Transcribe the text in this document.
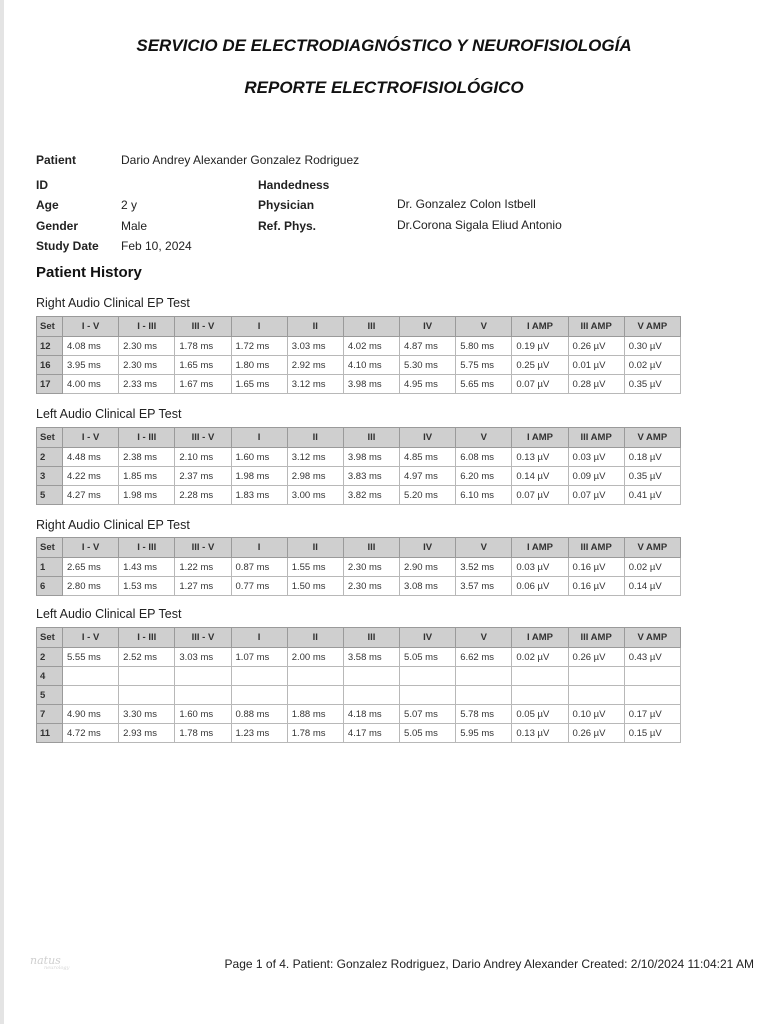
SERVICIO DE ELECTRODIAGNÓSTICO Y NEUROFISIOLOGÍA
REPORTE ELECTROFISIOLÓGICO
Patient	Dario Andrey Alexander Gonzalez Rodriguez
ID
Age	2 y
Gender	Male
Study Date Feb 10, 2024
Handedness
Physician	Dr. Gonzalez Colon Istbell
Ref. Phys.	Dr.Corona Sigala Eliud Antonio
Patient History
Right Audio Clinical EP Test
Set	I - V	I - III	III - V	I	II	III	IV	V	I AMP	III AMP	V AMP
12	4.08 ms	2.30 ms	1.78 ms	1.72 ms	3.03 ms	4.02 ms	4.87 ms	5.80 ms	0.19 µV	0.26 µV	0.30 µV
16	3.95 ms	2.30 ms	1.65 ms	1.80 ms	2.92 ms	4.10 ms	5.30 ms	5.75 ms	0.25 µV	0.01 µV	0.02 µV
17	4.00 ms	2.33 ms	1.67 ms	1.65 ms	3.12 ms	3.98 ms	4.95 ms	5.65 ms	0.07 µV	0.28 µV	0.35 µV
Left Audio Clinical EP Test
Set	I - V	I - III	III - V	I	II	III	IV	V	I AMP	III AMP	V AMP
2	4.48 ms	2.38 ms	2.10 ms	1.60 ms	3.12 ms	3.98 ms	4.85 ms	6.08 ms	0.13 µV	0.03 µV	0.18 µV
3	4.22 ms	1.85 ms	2.37 ms	1.98 ms	2.98 ms	3.83 ms	4.97 ms	6.20 ms	0.14 µV	0.09 µV	0.35 µV
5	4.27 ms	1.98 ms	2.28 ms	1.83 ms	3.00 ms	3.82 ms	5.20 ms	6.10 ms	0.07 µV	0.07 µV	0.41 µV
Right Audio Clinical EP Test
Set	I - V	I - III	III - V	I	II	III	IV	V	I AMP	III AMP	V AMP
1	2.65 ms	1.43 ms	1.22 ms	0.87 ms	1.55 ms	2.30 ms	2.90 ms	3.52 ms	0.03 µV	0.16 µV	0.02 µV
6	2.80 ms	1.53 ms	1.27 ms	0.77 ms	1.50 ms	2.30 ms	3.08 ms	3.57 ms	0.06 µV	0.16 µV	0.14 µV
Left Audio Clinical EP Test
Set	I - V	I - III	III - V	I	II	III	IV	V	I AMP	III AMP	V AMP
2	5.55 ms	2.52 ms	3.03 ms	1.07 ms	2.00 ms	3.58 ms	5.05 ms	6.62 ms	0.02 µV	0.26 µV	0.43 µV
4											
5											
7	4.90 ms	3.30 ms	1.60 ms	0.88 ms	1.88 ms	4.18 ms	5.07 ms	5.78 ms	0.05 µV	0.10 µV	0.17 µV
11	4.72 ms	2.93 ms	1.78 ms	1.23 ms	1.78 ms	4.17 ms	5.05 ms	5.95 ms	0.13 µV	0.26 µV	0.15 µV
natus
neurology	Page 1 of 4. Patient: Gonzalez Rodriguez, Dario Andrey Alexander Created: 2/10/2024 11:04:21 AM
